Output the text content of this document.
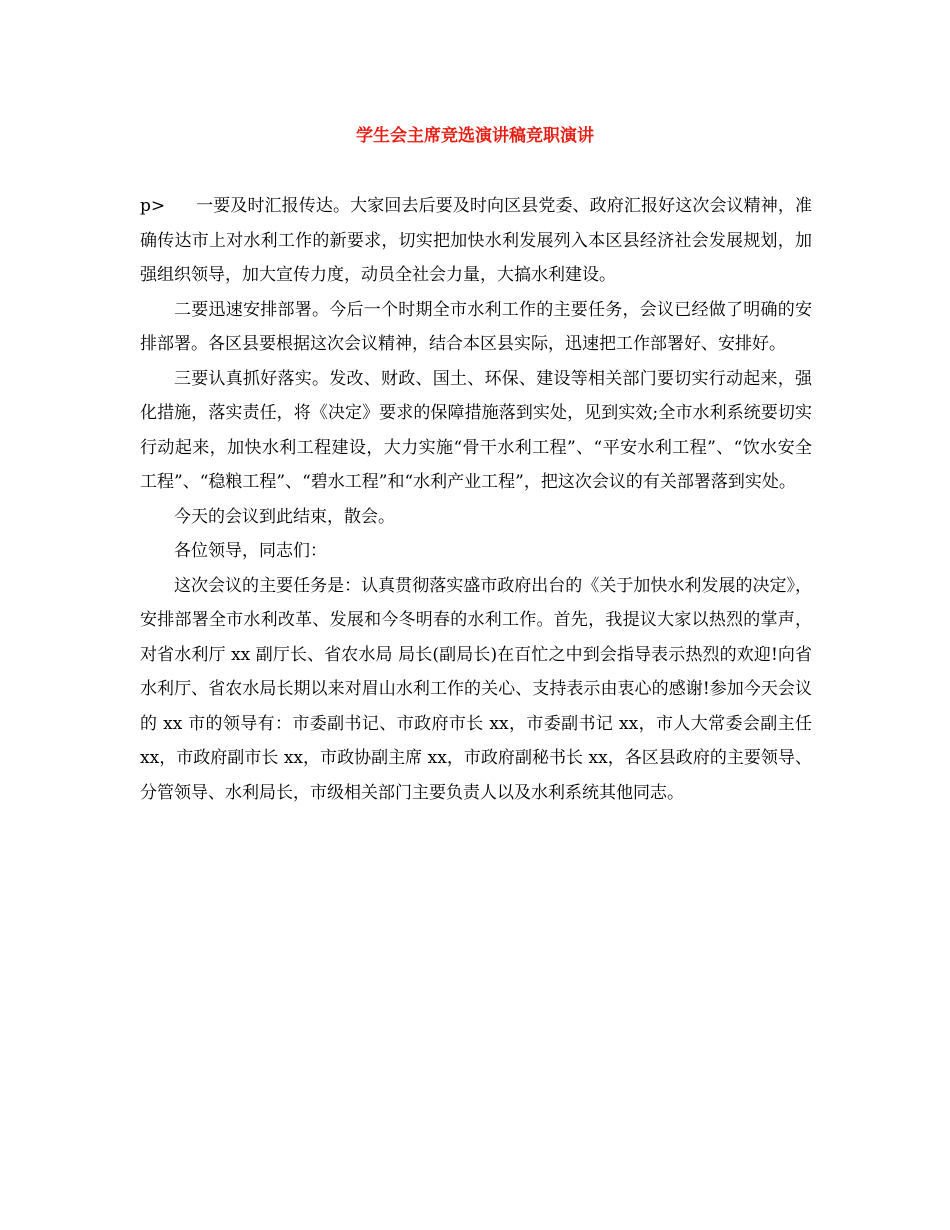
学生会主席竞选演讲稿竞职演讲

p> 一要及时汇报传达。大家回去后要及时向区县党委、政府汇报好这次会议精神，准确传达市上对水利工作的新要求，切实把加快水利发展列入本区县经济社会发展规划，加强组织领导，加大宣传力度，动员全社会力量，大搞水利建设。

二要迅速安排部署。今后一个时期全市水利工作的主要任务，会议已经做了明确的安排部署。各区县要根据这次会议精神，结合本区县实际，迅速把工作部署好、安排好。

三要认真抓好落实。发改、财政、国土、环保、建设等相关部门要切实行动起来，强化措施，落实责任，将《决定》要求的保障措施落到实处，见到实效;全市水利系统要切实行动起来，加快水利工程建设，大力实施“骨干水利工程”、“平安水利工程”、“饮水安全工程”、“稳粮工程”、“碧水工程”和“水利产业工程”，把这次会议的有关部署落到实处。

今天的会议到此结束，散会。

各位领导，同志们：

这次会议的主要任务是：认真贯彻落实盛市政府出台的《关于加快水利发展的决定》，安排部署全市水利改革、发展和今冬明春的水利工作。首先，我提议大家以热烈的掌声，对省水利厅 xx 副厅长、省农水局 局长(副局长)在百忙之中到会指导表示热烈的欢迎!向省水利厅、省农水局长期以来对眉山水利工作的关心、支持表示由衷心的感谢!参加今天会议的 xx 市的领导有：市委副书记、市政府市长 xx，市委副书记 xx，市人大常委会副主任 xx，市政府副市长 xx，市政协副主席 xx，市政府副秘书长 xx，各区县政府的主要领导、分管领导、水利局长，市级相关部门主要负责人以及水利系统其他同志。
